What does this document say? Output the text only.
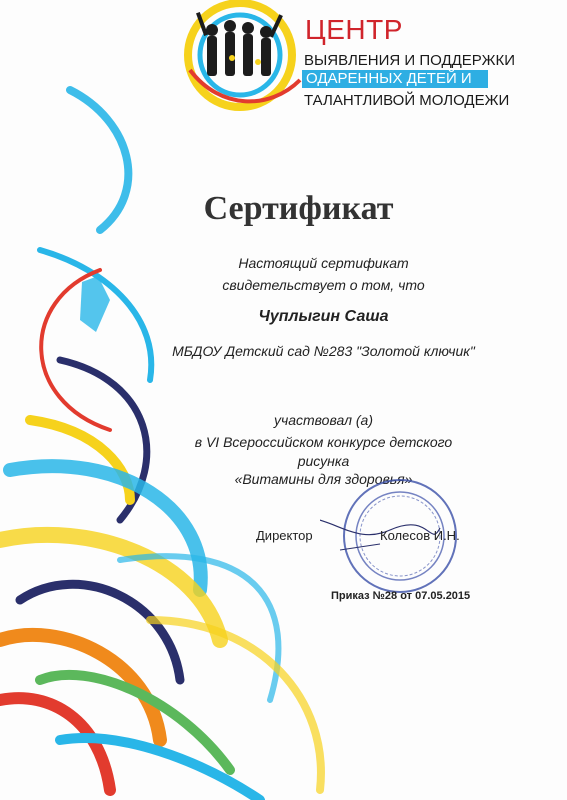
ЦЕНТР
ВЫЯВЛЕНИЯ И ПОДДЕРЖКИ
ОДАРЕННЫХ ДЕТЕЙ И
ТАЛАНТЛИВОЙ МОЛОДЕЖИ
Сертификат
Настоящий сертификат
свидетельствует о том, что
Чуплыгин Саша
МБДОУ Детский сад №283 "Золотой ключик"
участвовал (а)
в VI Всероссийском конкурсе детского
рисунка
«Витамины для здоровья»
Директор	Колесов И.Н.
Приказ №28 от 07.05.2015
